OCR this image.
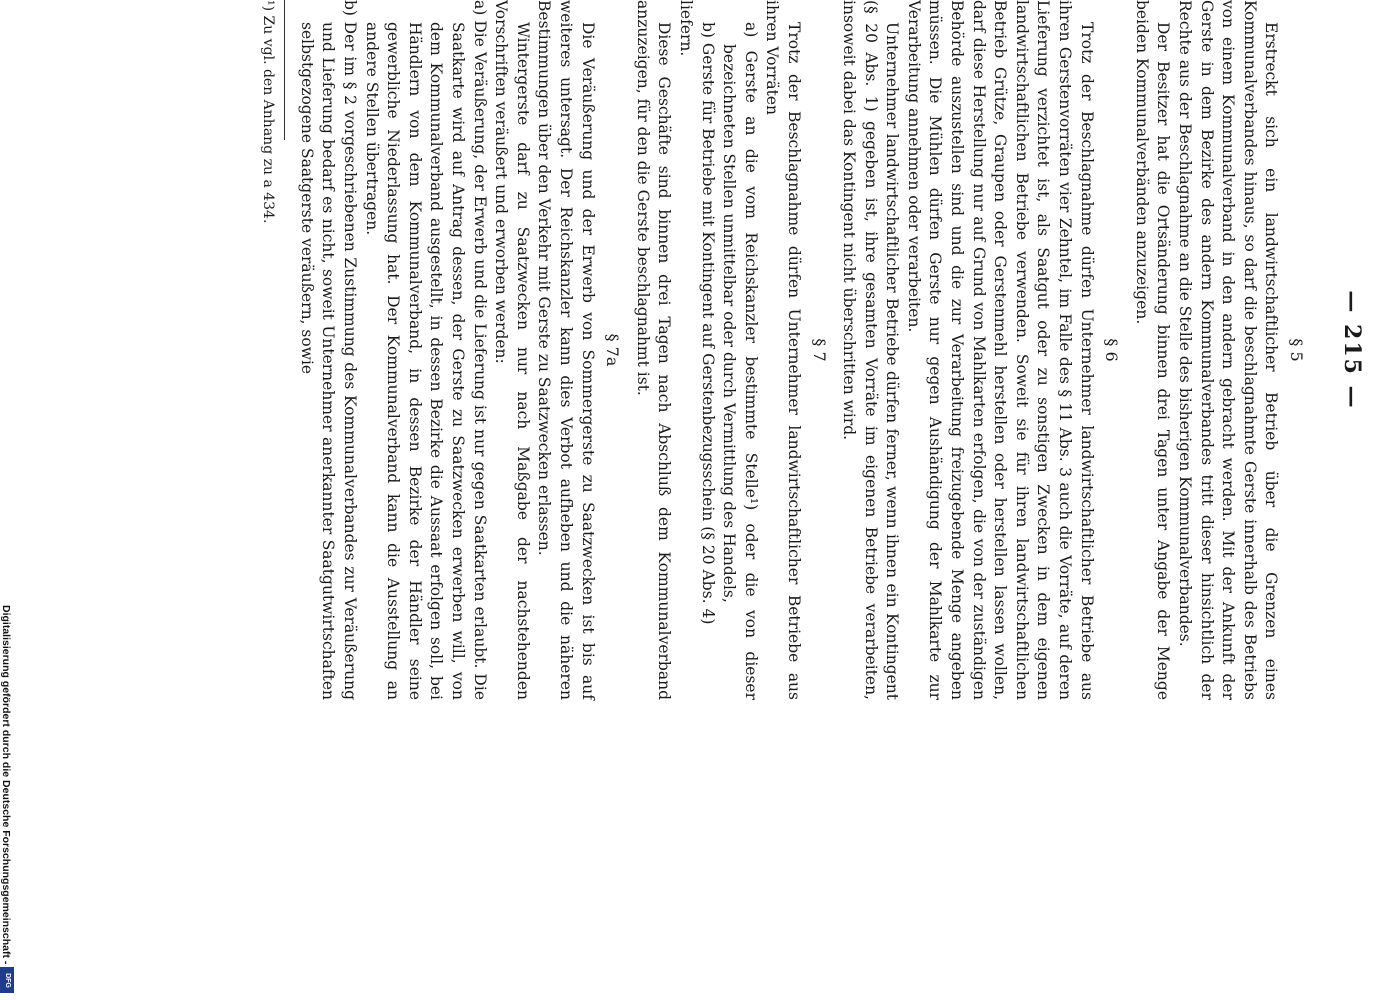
— 215 —
§ 5

Erstreckt sich ein landwirtschaftlicher Betrieb über die Grenzen eines Kommunalverbandes hinaus, so darf die beschlagnahmte Gerste innerhalb des Betriebs von einem Kommunalverband in den andern gebracht werden. Mit der Ankunft der Gerste in dem Bezirke des andern Kommunalverbandes tritt dieser hinsichtlich der Rechte aus der Beschlagnahme an die Stelle des bisherigen Kommunalverbandes.

Der Besitzer hat die Ortsänderung binnen drei Tagen unter Angabe der Menge beiden Kommunalverbänden anzuzeigen.

§ 6

Trotz der Beschlagnahme dürfen Unternehmer landwirtschaftlicher Betriebe aus ihren Gerstenvorräten vier Zehntel, im Falle des § 11 Abs. 3 auch die Vorräte, auf deren Lieferung verzichtet ist, als Saatgut oder zu sonstigen Zwecken in dem eigenen landwirtschaftlichen Betriebe verwenden. Soweit sie für ihren landwirtschaftlichen Betrieb Grütze, Graupen oder Gerstenmehl herstellen oder herstellen lassen wollen, darf diese Herstellung nur auf Grund von Mahlkarten erfolgen, die von der zuständigen Behörde auszustellen sind und die zur Verarbeitung freizugebende Menge angeben müssen. Die Mühlen dürfen Gerste nur gegen Aushändigung der Mahlkarte zur Verarbeitung annehmen oder verarbeiten.

Unternehmer landwirtschaftlicher Betriebe dürfen ferner, wenn ihnen ein Kontingent (§ 20 Abs. 1) gegeben ist, ihre gesamten Vorräte im eigenen Betriebe verarbeiten, insoweit dabei das Kontingent nicht überschritten wird.

§ 7

Trotz der Beschlagnahme dürfen Unternehmer landwirtschaftlicher Betriebe aus ihren Vorräten

a) Gerste an die vom Reichskanzler bestimmte Stelle¹) oder die von dieser bezeichneten Stellen unmittelbar oder durch Vermittlung des Handels,

b) Gerste für Betriebe mit Kontingent auf Gerstenbezugsschein (§ 20 Abs. 4)

liefern.

Diese Geschäfte sind binnen drei Tagen nach Abschluß dem Kommunalverband anzuzeigen, für den die Gerste beschlagnahmt ist.

§ 7a

Die Veräußerung und der Erwerb von Sommergerste zu Saatzwecken ist bis auf weiteres untersagt. Der Reichskanzler kann dies Verbot aufheben und die näheren Bestimmungen über den Verkehr mit Gerste zu Saatzwecken erlassen.

Wintergerste darf zu Saatzwecken nur nach Maßgabe der nachstehenden Vorschriften veräußert und erworben werden:

a) Die Veräußerung, der Erwerb und die Lieferung ist nur gegen Saatkarten erlaubt. Die Saatkarte wird auf Antrag dessen, der Gerste zu Saatzwecken erwerben will, von dem Kommunalverband ausgestellt, in dessen Bezirke die Aussaat erfolgen soll, bei Händlern von dem Kommunalverband, in dessen Bezirke der Händler seine gewerbliche Niederlassung hat. Der Kommunalverband kann die Ausstellung an andere Stellen übertragen.

b) Der im § 2 vorgeschriebenen Zustimmung des Kommunalverbandes zur Veräußerung und Lieferung bedarf es nicht, soweit Unternehmer anerkannter Saatgutwirtschaften selbstgezogene Saatgerste veräußern, sowie

¹) Zu vgl. den Anhang zu a 434.
Digitalisierung gefördert durch die Deutsche Forschungsgemeinschaft -
DFG
